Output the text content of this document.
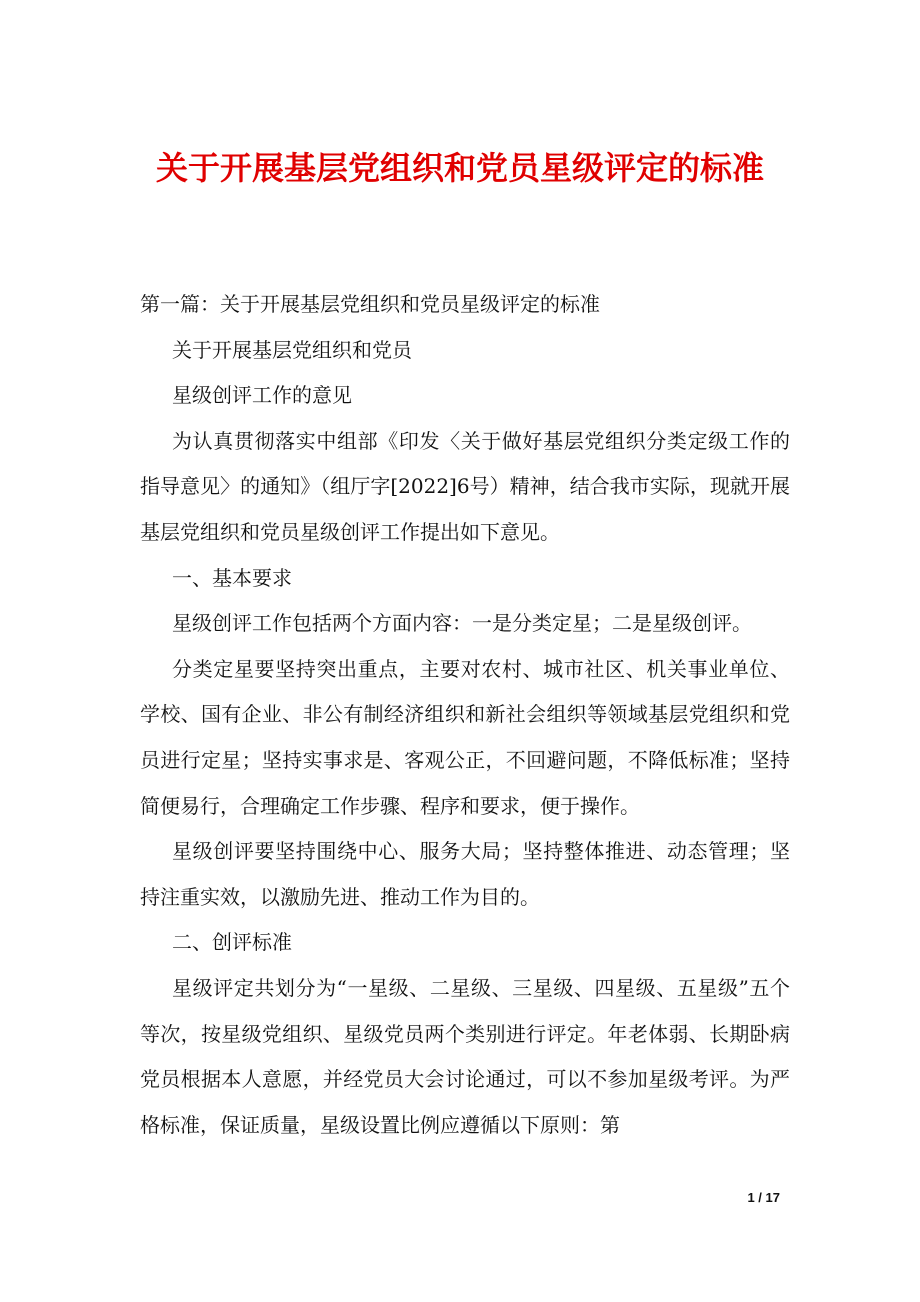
关于开展基层党组织和党员星级评定的标准

第一篇：关于开展基层党组织和党员星级评定的标准

关于开展基层党组织和党员

星级创评工作的意见

为认真贯彻落实中组部《印发〈关于做好基层党组织分类定级工作的指导意见〉的通知》（组厅字[2022]6号）精神，结合我市实际，现就开展基层党组织和党员星级创评工作提出如下意见。

一、基本要求

星级创评工作包括两个方面内容：一是分类定星；二是星级创评。

分类定星要坚持突出重点，主要对农村、城市社区、机关事业单位、学校、国有企业、非公有制经济组织和新社会组织等领域基层党组织和党员进行定星；坚持实事求是、客观公正，不回避问题，不降低标准；坚持简便易行，合理确定工作步骤、程序和要求，便于操作。

星级创评要坚持围绕中心、服务大局；坚持整体推进、动态管理；坚持注重实效，以激励先进、推动工作为目的。

二、创评标准

星级评定共划分为“一星级、二星级、三星级、四星级、五星级”五个等次，按星级党组织、星级党员两个类别进行评定。年老体弱、长期卧病党员根据本人意愿，并经党员大会讨论通过，可以不参加星级考评。为严格标准，保证质量，星级设置比例应遵循以下原则：第

1 / 17
